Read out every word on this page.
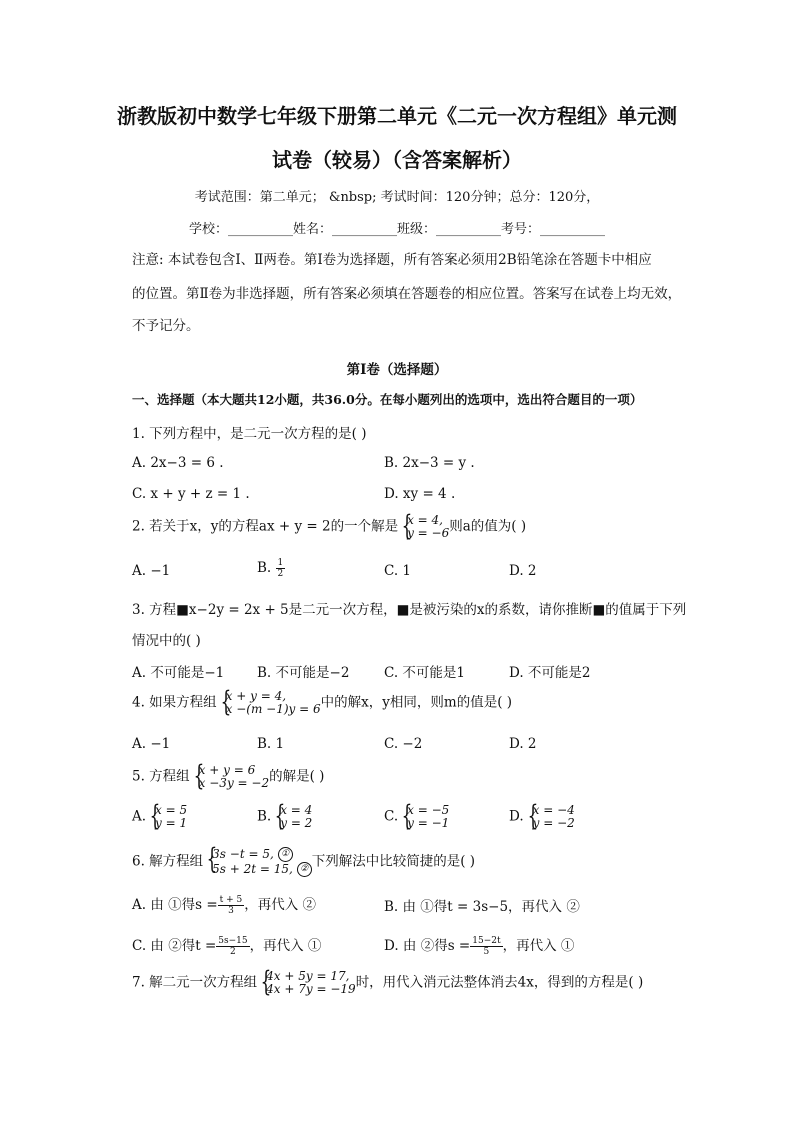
浙教版初中数学七年级下册第二单元《二元一次方程组》单元测
试卷（较易）（含答案解析）
考试范围：第二单元； &nbsp; 考试时间：120分钟；总分：120分，
学校：__________姓名：__________班级：__________考号：__________
注意: 本试卷包含Ⅰ、Ⅱ两卷。第Ⅰ卷为选择题，所有答案必须用2B铅笔涂在答题卡中相应
的位置。第Ⅱ卷为非选择题，所有答案必须填在答题卷的相应位置。答案写在试卷上均无效，
不予记分。
第Ⅰ卷（选择题）
一、选择题（本大题共12小题，共36.0分。在每小题列出的选项中，选出符合题目的一项）
1. 下列方程中，是二元一次方程的是( )
A. 2x−3 = 6 .	B. 2x−3 = y .
C. x + y + z = 1 .	D. xy = 4 .
2. 若关于x，y的方程ax + y = 2的一个解是 { x = 4,
y = −6则a的值为( )
A. −1	B. $\frac{1}{2}$	C. 1	D. 2
3. 方程■x−2y = 2x + 5是二元一次方程，■是被污染的x的系数，请你推断■的值属于下列
情况中的( )
A. 不可能是−1 B. 不可能是−2	C. 不可能是1	D. 不可能是2
4. 如果方程组 { x + y = 4,
x −(m −1)y = 6中的解x，y相同，则m的值是( )
A. −1	B. 1	C. −2	D. 2
5. 方程组 { x + y = 6
x −3y = −2的解是( )
A. { x = 5
y = 1	B. { x = 4
y = 2	C. { x = −5
y = −1	D. { x = −4
y = −2
6. 解方程组 { 3s −t = 5, ①
5s + 2t = 15, ② 下列解法中比较简捷的是( )
A. 由 ①得$s = \frac{t + 5}{3}$ ，再代入 ②	B. 由 ①得t = 3s−5，再代入 ②
C. 由 ②得$t = \frac{5s-15}{2}$ ，再代入 ①	D. 由 ②得$s = \frac{15-2t}{5}$ ，再代入 ①
7. 解二元一次方程组 { 4x + 5y = 17,
4x + 7y = −19时，用代入消元法整体消去4x，得到的方程是( )
